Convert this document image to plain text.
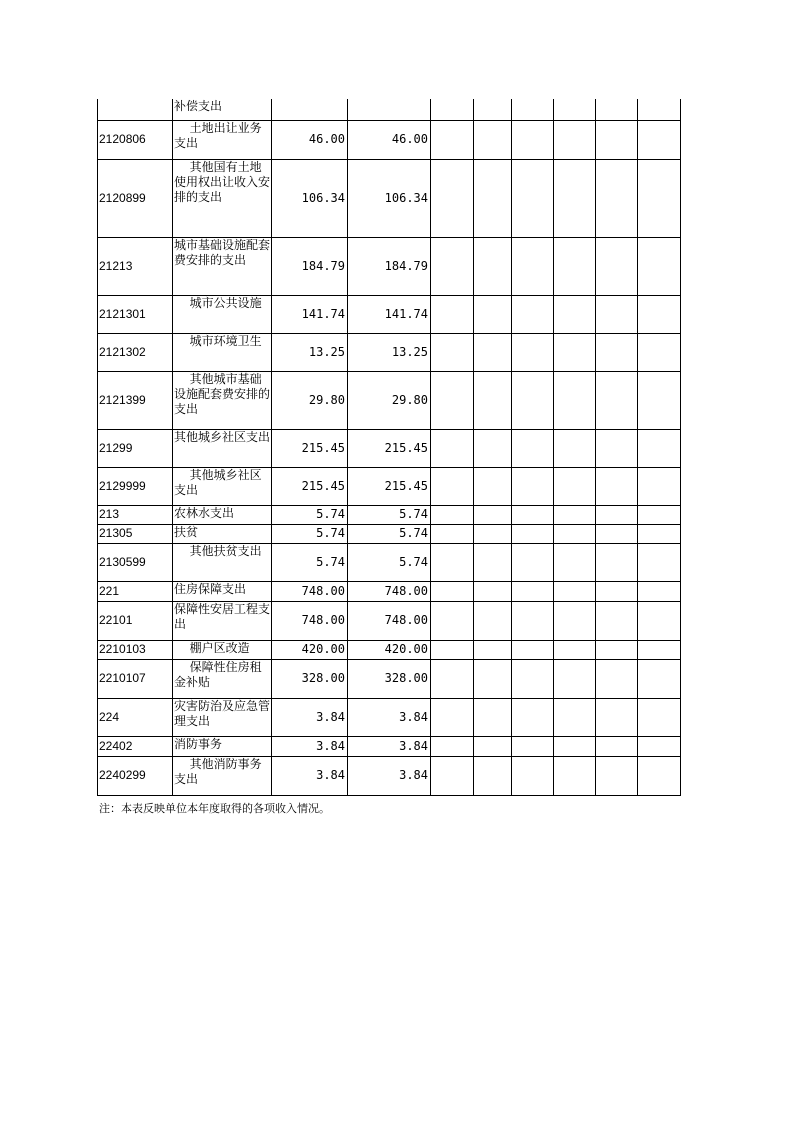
	补偿支出								
2120806	土地出让业务支出	46.00	46.00						
2120899	其他国有土地使用权出让收入安排的支出	106.34	106.34						
21213	城市基础设施配套费安排的支出	184.79	184.79						
2121301	城市公共设施	141.74	141.74						
2121302	城市环境卫生	13.25	13.25						
2121399	其他城市基础设施配套费安排的支出	29.80	29.80						
21299	其他城乡社区支出	215.45	215.45						
2129999	其他城乡社区支出	215.45	215.45						
213	农林水支出	5.74	5.74						
21305	扶贫	5.74	5.74						
2130599	其他扶贫支出	5.74	5.74						
221	住房保障支出	748.00	748.00						
22101	保障性安居工程支出	748.00	748.00						
2210103	棚户区改造	420.00	420.00						
2210107	保障性住房租金补贴	328.00	328.00						
224	灾害防治及应急管理支出	3.84	3.84						
22402	消防事务	3.84	3.84						
2240299	其他消防事务支出	3.84	3.84						
注：本表反映单位本年度取得的各项收入情况。
